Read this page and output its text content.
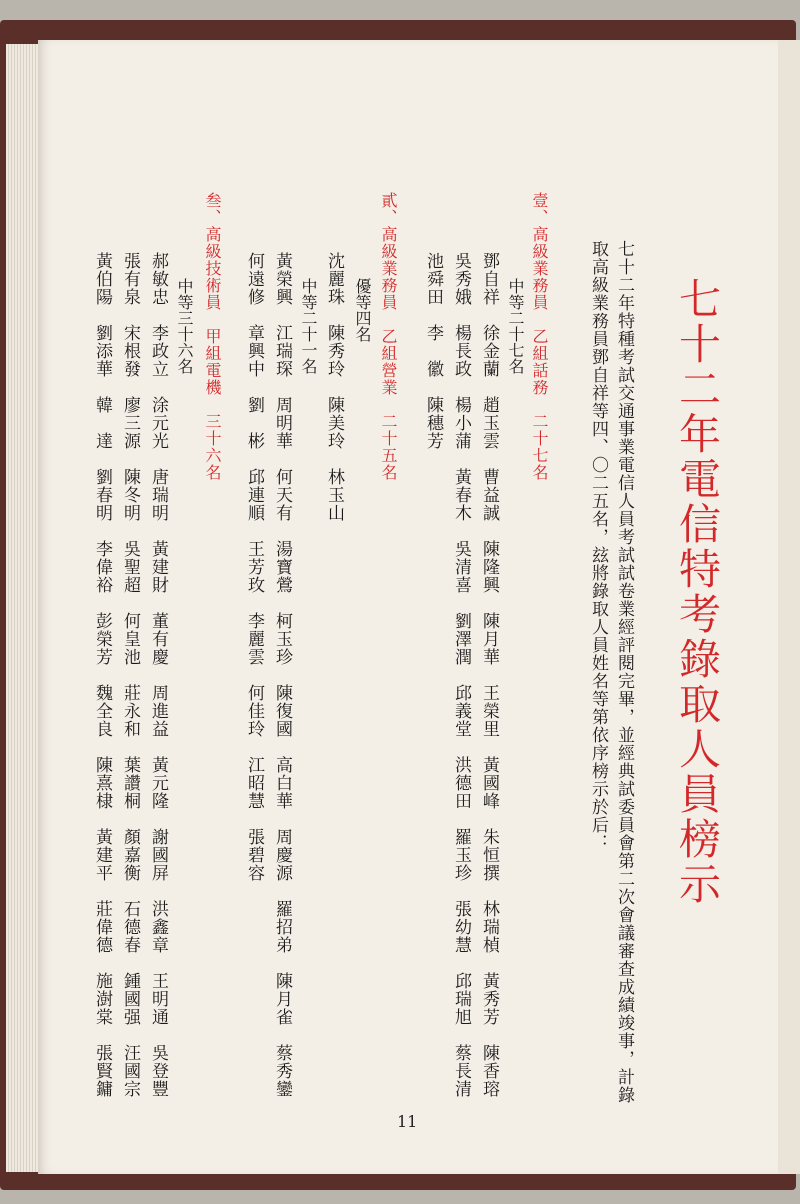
七十二年電信特考錄取人員榜示
七十二年特種考試交通事業電信人員考試試卷業經評閱完畢，並經典試委員會第二次會議審查成績竣事，計錄
取高級業務員鄧自祥等四、〇二五名，玆將錄取人員姓名等第依序榜示於后：
壹、高級業務員　乙組話務　二十七名
中等二十七名
鄧自祥　徐金蘭　趙玉雲　曹益誠　陳隆興　陳月華　王榮里　黃國峰　朱恒撰　林瑞楨　黃秀芳　陳香瑢
吳秀娥　楊長政　楊小蒲　黃春木　吳清喜　劉澤潤　邱義堂　洪德田　羅玉珍　張幼慧　邱瑞旭　蔡長清
池舜田　李　徽　陳穗芳
貳、高級業務員　乙組營業　二十五名
優等四名
沈麗珠　陳秀玲　陳美玲　林玉山
中等二十一名
黃榮興　江瑞琛　周明華　何天有　湯寶鶯　柯玉珍　陳復國　高白華　周慶源　羅招弟　陳月雀　蔡秀鑾
何遠修　章興中　劉　彬　邱連順　王芳玫　李麗雲　何佳玲　江昭慧　張碧容
叁、高級技術員　甲組電機　三十六名
中等三十六名
郝敏忠　李政立　涂元光　唐瑞明　黃建財　董有慶　周進益　黃元隆　謝國屏　洪鑫章　王明通　吳登豐
張有泉　宋根發　廖三源　陳冬明　吳聖超　何皇池　莊永和　葉讚桐　顏嘉衡　石德春　鍾國强　汪國宗
黃伯陽　劉添華　韓　達　劉春明　李偉裕　彭榮芳　魏全良　陳熹棣　黃建平　莊偉德　施澍棠　張賢鏞
11
